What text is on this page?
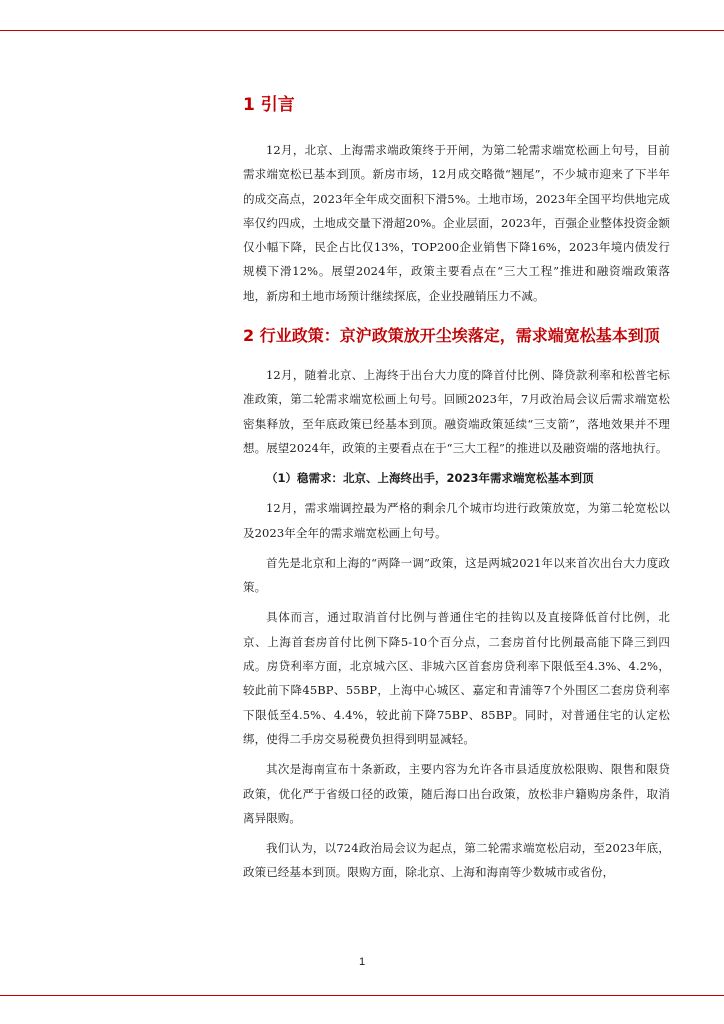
1 引言

12月，北京、上海需求端政策终于开闸，为第二轮需求端宽松画上句号，目前需求端宽松已基本到顶。新房市场，12月成交略微“翘尾”，不少城市迎来了下半年的成交高点，2023年全年成交面积下滑5%。土地市场，2023年全国平均供地完成率仅约四成，土地成交量下滑超20%。企业层面，2023年，百强企业整体投资金额仅小幅下降，民企占比仅13%，TOP200企业销售下降16%，2023年境内债发行规模下滑12%。展望2024年，政策主要看点在“三大工程”推进和融资端政策落地，新房和土地市场预计继续探底，企业投融销压力不减。

2 行业政策：京沪政策放开尘埃落定，需求端宽松基本到顶

12月，随着北京、上海终于出台大力度的降首付比例、降贷款利率和松普宅标准政策，第二轮需求端宽松画上句号。回顾2023年，7月政治局会议后需求端宽松密集释放，至年底政策已经基本到顶。融资端政策延续“三支箭”，落地效果并不理想。展望2024年，政策的主要看点在于“三大工程”的推进以及融资端的落地执行。

（1）稳需求：北京、上海终出手，2023年需求端宽松基本到顶

12月，需求端调控最为严格的剩余几个城市均进行政策放宽，为第二轮宽松以及2023年全年的需求端宽松画上句号。

首先是北京和上海的“两降一调”政策，这是两城2021年以来首次出台大力度政策。

具体而言，通过取消首付比例与普通住宅的挂钩以及直接降低首付比例，北京、上海首套房首付比例下降5-10个百分点，二套房首付比例最高能下降三到四成。房贷利率方面，北京城六区、非城六区首套房贷利率下限低至4.3%、4.2%，较此前下降45BP、55BP，上海中心城区、嘉定和青浦等7个外围区二套房贷利率下限低至4.5%、4.4%，较此前下降75BP、85BP。同时，对普通住宅的认定松绑，使得二手房交易税费负担得到明显减轻。

其次是海南宣布十条新政，主要内容为允许各市县适度放松限购、限售和限贷政策，优化严于省级口径的政策，随后海口出台政策，放松非户籍购房条件，取消离异限购。

我们认为，以724政治局会议为起点，第二轮需求端宽松启动，至2023年底，政策已经基本到顶。限购方面，除北京、上海和海南等少数城市或省份，

1
